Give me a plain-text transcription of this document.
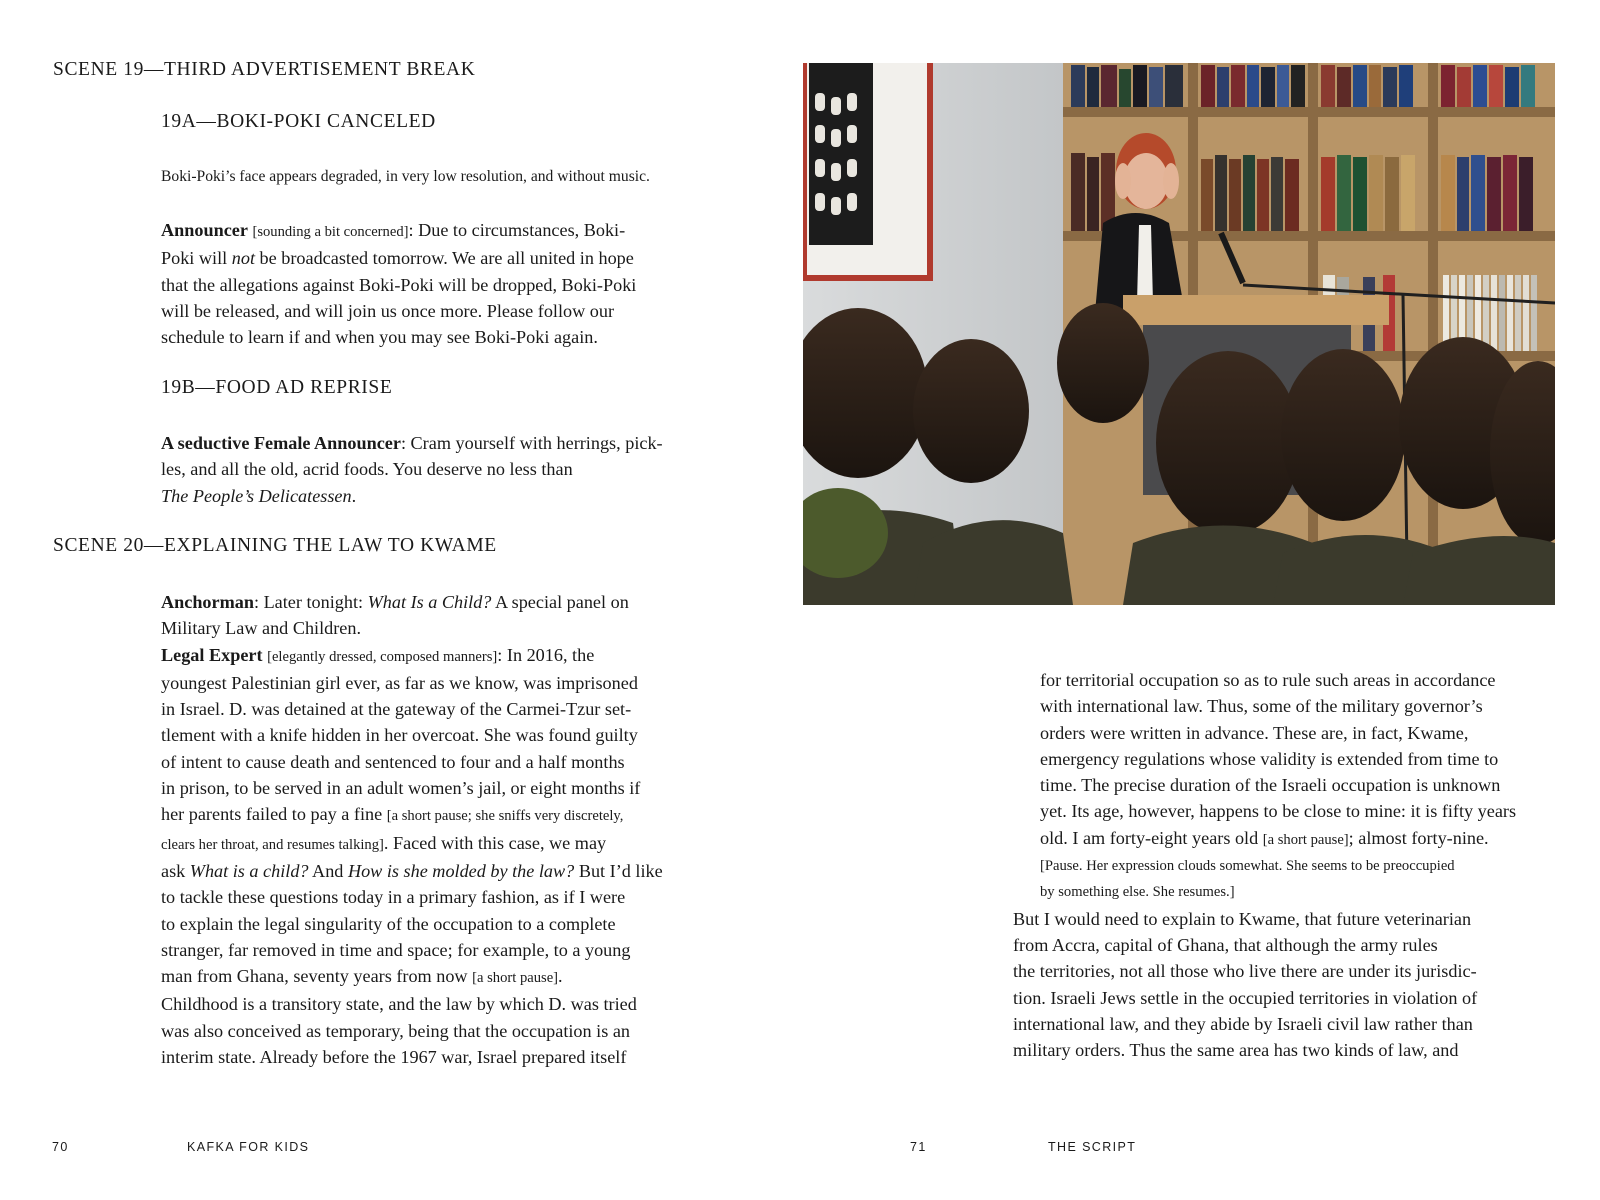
SCENE 19—THIRD ADVERTISEMENT BREAK
19A—BOKI-POKI CANCELED
Boki-Poki’s face appears degraded, in very low resolution, and without music.

Announcer [sounding a bit concerned]: Due to circumstances, Boki-
Poki will not be broadcasted tomorrow. We are all united in hope
that the allegations against Boki-Poki will be dropped, Boki-Poki
will be released, and will join us once more. Please follow our
schedule to learn if and when you may see Boki-Poki again.

19B—FOOD AD REPRISE

A seductive Female Announcer: Cram yourself with herrings, pick-
les, and all the old, acrid foods. You deserve no less than
The People’s Delicatessen.

SCENE 20—EXPLAINING THE LAW TO KWAME

Anchorman: Later tonight: What Is a Child? A special panel on
Military Law and Children.

Legal Expert [elegantly dressed, composed manners]: In 2016, the
youngest Palestinian girl ever, as far as we know, was imprisoned
in Israel. D. was detained at the gateway of the Carmei-Tzur set-
tlement with a knife hidden in her overcoat. She was found guilty
of intent to cause death and sentenced to four and a half months
in prison, to be served in an adult women’s jail, or eight months if
her parents failed to pay a fine [a short pause; she sniffs very discretely,
clears her throat, and resumes talking]. Faced with this case, we may
ask What is a child? And How is she molded by the law? But I’d like
to tackle these questions today in a primary fashion, as if I were
to explain the legal singularity of the occupation to a complete
stranger, far removed in time and space; for example, to a young
man from Ghana, seventy years from now [a short pause].

Childhood is a transitory state, and the law by which D. was tried
was also conceived as temporary, being that the occupation is an
interim state. Already before the 1967 war, Israel prepared itself

70	KAFKA FOR KIDS

for territorial occupation so as to rule such areas in accordance
with international law. Thus, some of the military governor’s
orders were written in advance. These are, in fact, Kwame,
emergency regulations whose validity is extended from time to
time. The precise duration of the Israeli occupation is unknown
yet. Its age, however, happens to be close to mine: it is fifty years
old. I am forty-eight years old [a short pause]; almost forty-nine.
[Pause. Her expression clouds somewhat. She seems to be preoccupied
by something else. She resumes.]

But I would need to explain to Kwame, that future veterinarian
from Accra, capital of Ghana, that although the army rules
the territories, not all those who live there are under its jurisdic-
tion. Israeli Jews settle in the occupied territories in violation of
international law, and they abide by Israeli civil law rather than
military orders. Thus the same area has two kinds of law, and

71	THE SCRIPT
